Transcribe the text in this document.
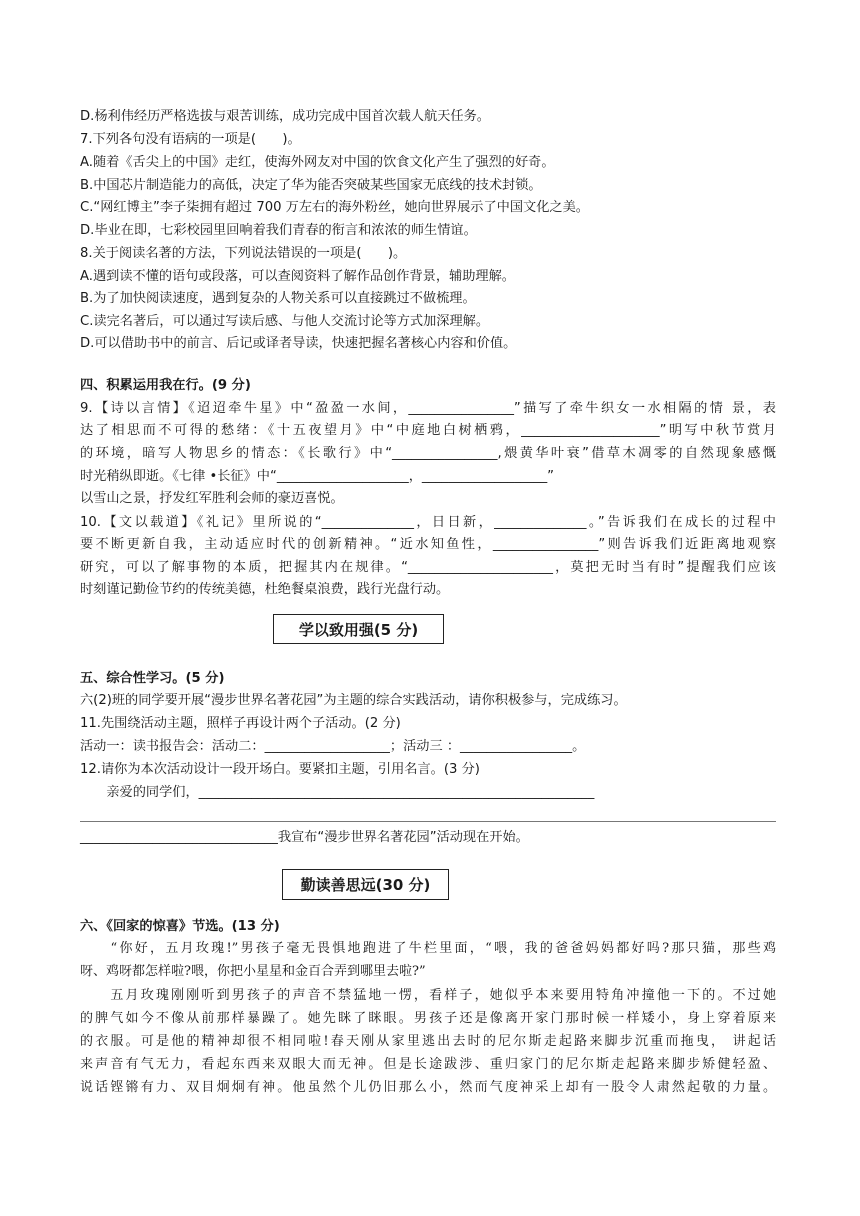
D.杨利伟经历严格选拔与艰苦训练，成功完成中国首次载人航天任务。
7.下列各句没有语病的一项是(　　)。
A.随着《舌尖上的中国》走红，使海外网友对中国的饮食文化产生了强烈的好奇。
B.中国芯片制造能力的高低，决定了华为能否突破某些国家无底线的技术封锁。
C.“网红博主”李子柒拥有超过 700 万左右的海外粉丝，她向世界展示了中国文化之美。
D.毕业在即，七彩校园里回响着我们青春的衔言和浓浓的师生情谊。
8.关于阅读名著的方法，下列说法错误的一项是(　　)。
A.遇到读不懂的语句或段落，可以查阅资料了解作品创作背景，辅助理解。
B.为了加快阅读速度，遇到复杂的人物关系可以直接跳过不做梳理。
C.读完名著后，可以通过写读后感、与他人交流讨论等方式加深理解。
D.可以借助书中的前言、后记或译者导读，快速把握名著核心内容和价值。
四、积累运用我在行。(9 分)
9.【诗以言情】《迢迢牵牛星》中“盈盈一水间，________________”描写了牵牛织女一水相隔的情 景，表
达了相思而不可得的愁绪：《十五夜望月》中“中庭地白树栖鸦，_____________________”明写中秋节赏月
的环境，暗写人物思乡的情态：《长歌行》中“________________,煨黄华叶衰”借草木凋零的自然现象感慨
时光稍纵即逝。《七律 •长征》中“____________________，___________________”
以雪山之景，抒发红军胜利会师的豪迈喜悦。
10.【文以载道】《礼记》里所说的“______________，日日新，______________。”告诉我们在成长的过程中
要不断更新自我，主动适应时代的创新精神。“近水知鱼性，________________”则告诉我们近距离地观察
研究，可以了解事物的本质，把握其内在规律。“______________________，莫把无时当有时”提醒我们应该
时刻谨记勤俭节约的传统美德，杜绝餐桌浪费，践行光盘行动。
学以致用强(5 分)
五、综合性学习。(5 分)
六(2)班的同学要开展“漫步世界名著花园”为主题的综合实践活动，请你积极参与，完成练习。
11.先围绕活动主题，照样子再设计两个子活动。(2 分)
活动一：读书报告会：活动二：___________________；活动三 ：_________________。
12.请你为本次活动设计一段开场白。要紧扣主题，引用名言。(3 分)
　　亲爱的同学们，____________________________________________________________
______________________________我宣布“漫步世界名著花园”活动现在开始。
勤读善思远(30 分)
六、《回家的惊喜》节选。(13 分)
　　“你好，五月玫瑰!”男孩子毫无畏惧地跑进了牛栏里面，“喂，我的爸爸妈妈都好吗?那只猫，那些鸡
呀、鸡呀都怎样啦?喂，你把小星星和金百合弄到哪里去啦?”
　　五月玫瑰刚刚听到男孩子的声音不禁猛地一愣，看样子，她似乎本来要用特角冲撞他一下的。不过她
的脾气如今不像从前那样暴躁了。她先眯了眯眼。男孩子还是像离开家门那时候一样矮小，身上穿着原来
的衣服。可是他的精神却很不相同啦!春天刚从家里逃出去时的尼尔斯走起路来脚步沉重而拖曳， 讲起话
来声音有气无力，看起东西来双眼大而无神。但是长途跋涉、重归家门的尼尔斯走起路来脚步矫健轻盈、
说话铿锵有力、双目炯炯有神。他虽然个儿仍旧那么小，然而气度神采上却有一股令人肃然起敬的力量。
